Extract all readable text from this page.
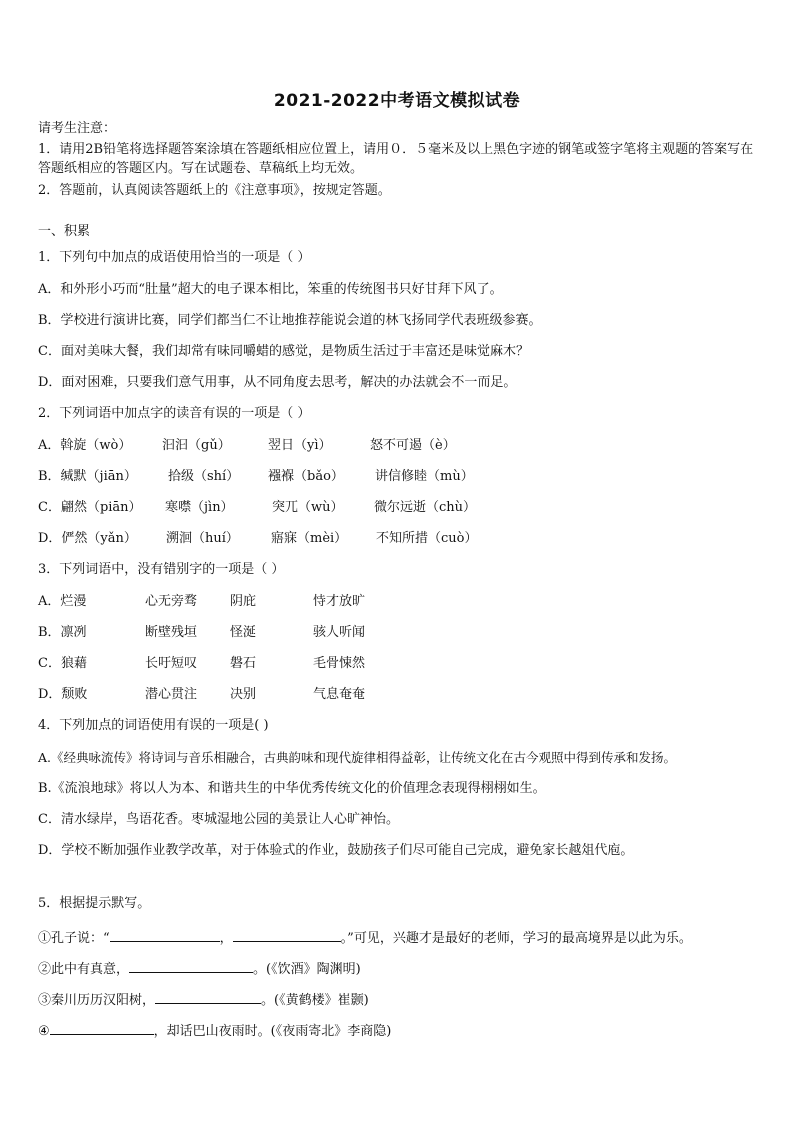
2021-2022中考语文模拟试卷
请考生注意：
1．请用2B铅笔将选择题答案涂填在答题纸相应位置上，请用０．５毫米及以上黑色字迹的钢笔或签字笔将主观题的答案写在答题纸相应的答题区内。写在试题卷、草稿纸上均无效。
2．答题前，认真阅读答题纸上的《注意事项》，按规定答题。
一、积累
1．下列句中加点的成语使用恰当的一项是（ ）
A．和外形小巧而“肚量”超大的电子课本相比，笨重的传统图书只好甘拜下风了。
B．学校进行演讲比赛，同学们都当仁不让地推荐能说会道的林飞扬同学代表班级参赛。
C．面对美味大餐，我们却常有味同嚼蜡的感觉，是物质生活过于丰富还是味觉麻木？
D．面对困难，只要我们意气用事，从不同角度去思考，解决的办法就会不一而足。
2．下列词语中加点字的读音有误的一项是（ ）
A．斡旋（wò） 汩汩（gǔ）	翌日（yì）	怒不可遏（è）
B．缄默（jiān） 拾级（shí） 襁褓（bǎo） 讲信修睦（mù）
C．翩然（piān） 寒噤（jìn）	突兀（wù） 微尔远逝（chù）
D．俨然（yǎn） 溯洄（huí） 寤寐（mèi） 不知所措（cuò）
3．下列词语中，没有错别字的一项是（ ）
A．烂漫	心无旁骛	阴庇	恃才放旷
B．凛冽	断壁残垣	怪涎	骇人听闻
C．狼藉	长吁短叹	磐石	毛骨悚然
D．颓败	潜心贯注	决别	气息奄奄
4．下列加点的词语使用有误的一项是( )
A.《经典咏流传》将诗词与音乐相融合，古典韵味和现代旋律相得益彰，让传统文化在古今观照中得到传承和发扬。
B.《流浪地球》将以人为本、和谐共生的中华优秀传统文化的价值理念表现得栩栩如生。
C．清水绿岸，鸟语花香。枣城湿地公园的美景让人心旷神怡。
D．学校不断加强作业教学改革，对于体验式的作业，鼓励孩子们尽可能自己完成，避免家长越俎代庖。
5．根据提示默写。
①孔子说：“	，	。”可见，兴趣才是最好的老师，学习的最高境界是以此为乐。
②此中有真意，	。(《饮酒》陶渊明)
③秦川历历汉阳树，	。(《黄鹤楼》崔颢)
④	，却话巴山夜雨时。(《夜雨寄北》李商隐)
